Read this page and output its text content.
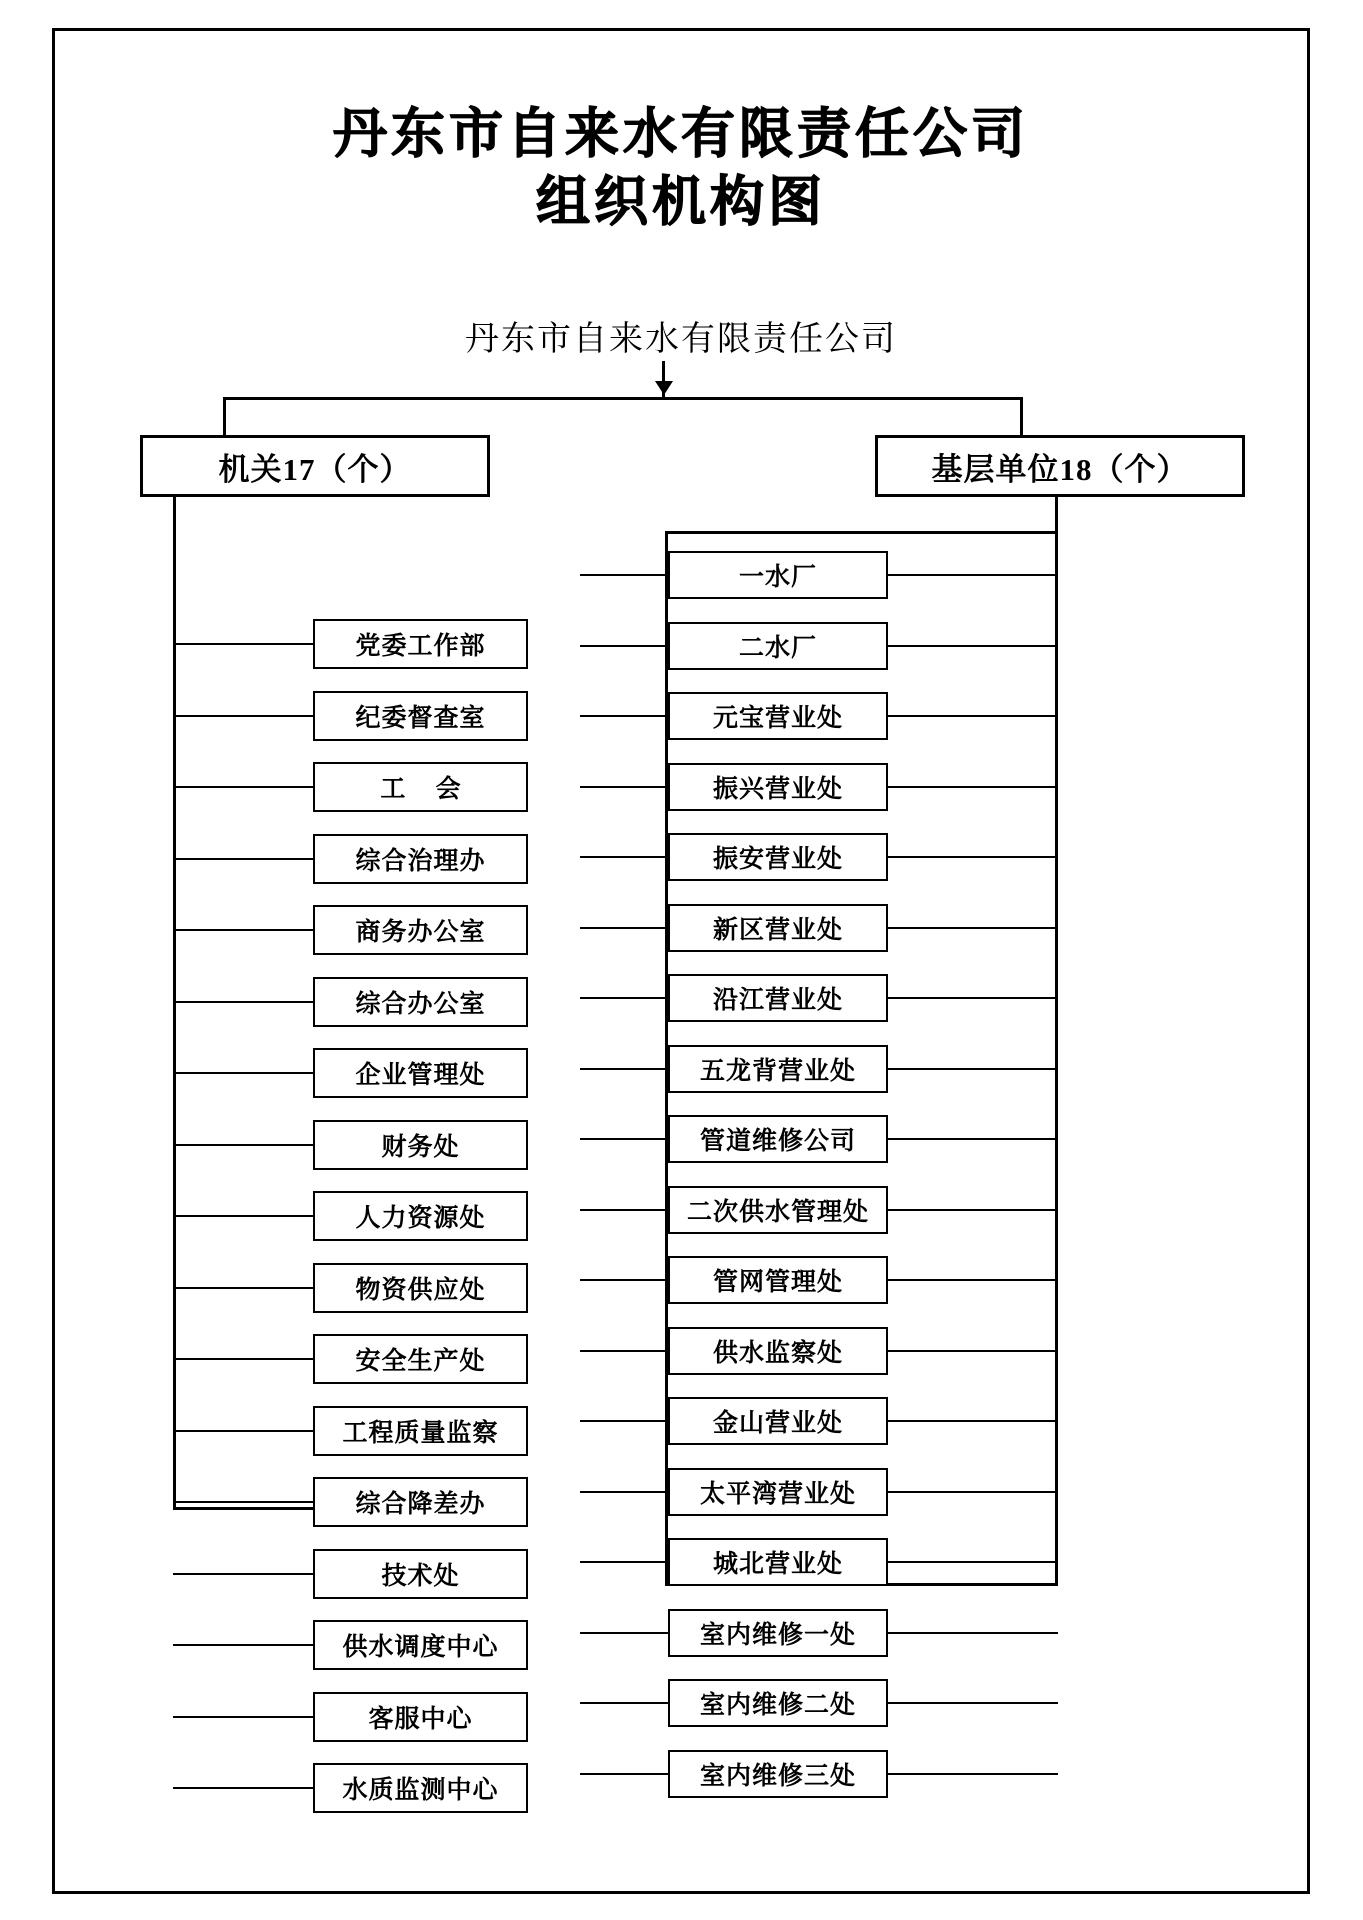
丹东市自来水有限责任公司
组织机构图
丹东市自来水有限责任公司
机关17（个）	基层单位18（个）
党委工作部
纪委督查室
工 会
综合治理办
商务办公室
综合办公室
企业管理处
财务处
人力资源处
物资供应处
安全生产处
工程质量监察
综合降差办
技术处
供水调度中心
客服中心
水质监测中心
一水厂
二水厂
元宝营业处
振兴营业处
振安营业处
新区营业处
沿江营业处
五龙背营业处
管道维修公司
二次供水管理处
管网管理处
供水监察处
金山营业处
太平湾营业处
城北营业处
室内维修一处
室内维修二处
室内维修三处
